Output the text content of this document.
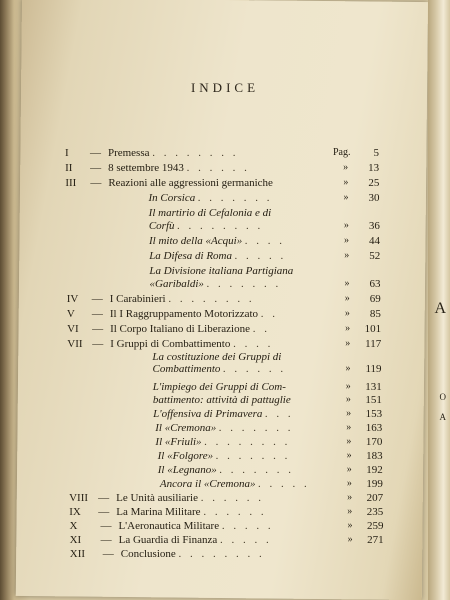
A
O
A
INDICE
I — Premessa . . . . . . . .	Pag.	5
II — 8 settembre 1943 . . . . . .	»	13
III — Reazioni alle aggressioni germaniche	»	25
In Corsica . . . . . . .	»	30
Il martirio di Cefalonia e di
Corfù . . . . . . . .	»	36
Il mito della «Acqui» . . . .	»	44
La Difesa di Roma . . . . .	»	52
La Divisione italiana Partigiana
«Garibaldi» . . . . . . .	»	63
IV — I Carabinieri . . . . . . . .	»	69
V — Il I Raggruppamento Motorizzato . .	»	85
VI — Il Corpo Italiano di Liberazione . .	»	101
VII — I Gruppi di Combattimento . . . .	»	117
La costituzione dei Gruppi di
Combattimento . . . . . .	»	119
L'impiego dei Gruppi di Com-	»	131
battimento: attività di pattuglie	»	151
L'offensiva di Primavera . . .	»	153
Il «Cremona» . . . . . . .	»	163
Il «Friuli» . . . . . . . .	»	170
Il «Folgore» . . . . . . .	»	183
Il «Legnano» . . . . . . .	»	192
Ancora il «Cremona» . . . . .	»	199
VIII — Le Unità ausiliarie . . . . . .	»	207
IX — La Marina Militare . . . . . .	»	235
X — L'Aeronautica Militare . . . . .	»	259
XI — La Guardia di Finanza . . . . .	»	271
XII — Conclusione . . . . . . . .
